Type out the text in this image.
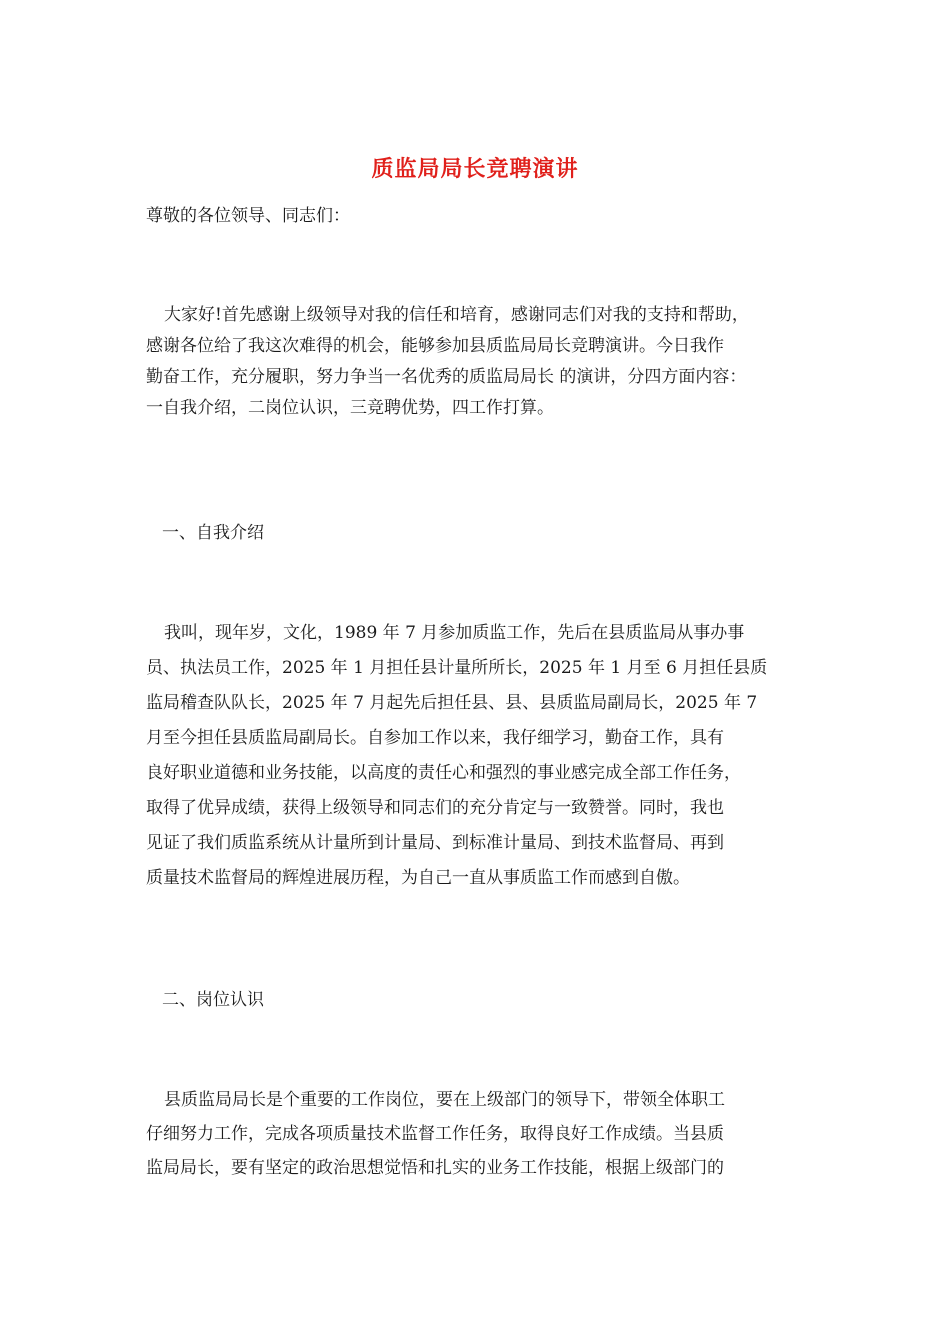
质监局局长竞聘演讲

尊敬的各位领导、同志们：

大家好!首先感谢上级领导对我的信任和培育，感谢同志们对我的支持和帮助，
感谢各位给了我这次难得的机会，能够参加县质监局局长竞聘演讲。今日我作
勤奋工作，充分履职，努力争当一名优秀的质监局局长 的演讲，分四方面内容：
一自我介绍，二岗位认识，三竞聘优势，四工作打算。

一、自我介绍

我叫，现年岁，文化，1989 年 7 月参加质监工作，先后在县质监局从事办事
员、执法员工作，2025 年 1 月担任县计量所所长，2025 年 1 月至 6 月担任县质
监局稽查队队长，2025 年 7 月起先后担任县、县、县质监局副局长，2025 年 7
月至今担任县质监局副局长。自参加工作以来，我仔细学习，勤奋工作，具有
良好职业道德和业务技能，以高度的责任心和强烈的事业感完成全部工作任务，
取得了优异成绩，获得上级领导和同志们的充分肯定与一致赞誉。同时，我也
见证了我们质监系统从计量所到计量局、到标准计量局、到技术监督局、再到
质量技术监督局的辉煌进展历程，为自己一直从事质监工作而感到自傲。

二、岗位认识

县质监局局长是个重要的工作岗位，要在上级部门的领导下，带领全体职工
仔细努力工作，完成各项质量技术监督工作任务，取得良好工作成绩。当县质
监局局长，要有坚定的政治思想觉悟和扎实的业务工作技能，根据上级部门的
